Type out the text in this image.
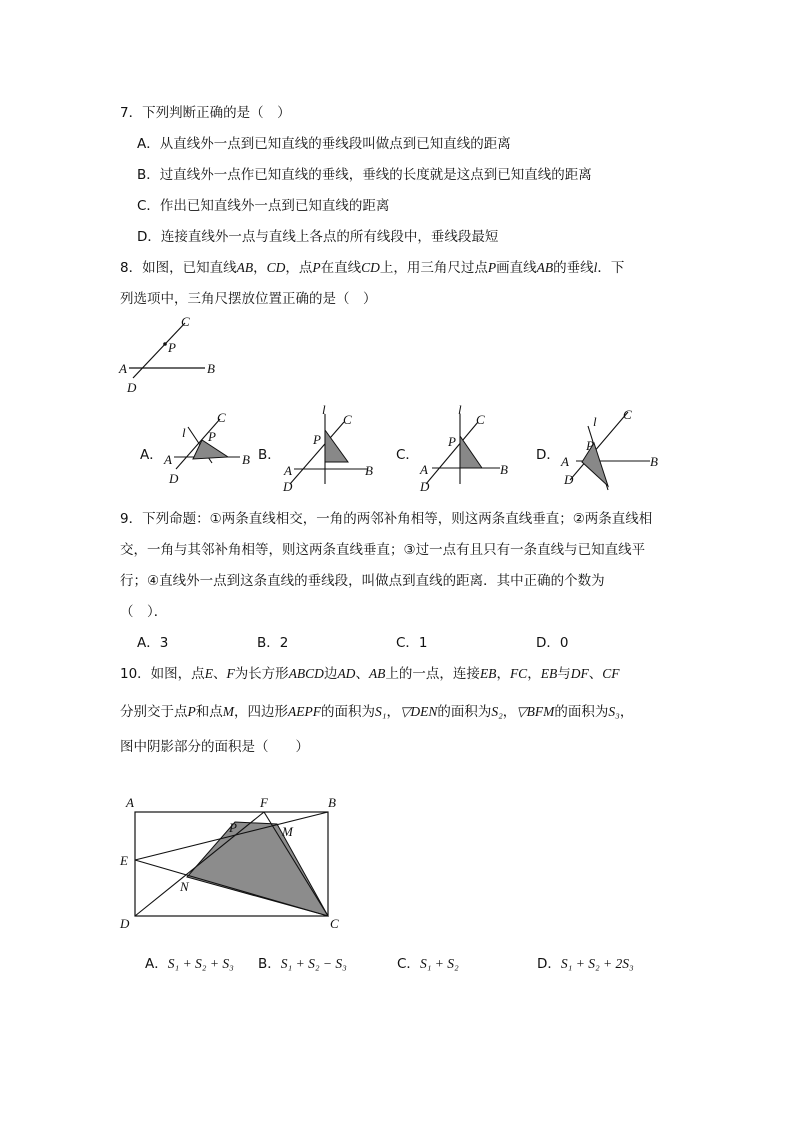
7．下列判断正确的是（　）
A．从直线外一点到已知直线的垂线段叫做点到已知直线的距离
B．过直线外一点作已知直线的垂线，垂线的长度就是这点到已知直线的距离
C．作出已知直线外一点到已知直线的距离
D．连接直线外一点与直线上各点的所有线段中，垂线段最短
8．如图，已知直线AB，CD，点P在直线CD上，用三角尺过点P画直线AB的垂线l．下
列选项中，三角尺摆放位置正确的是（　）
C
P
A	B
D
A．
C
P
l
A	B
D
B．
C
P
l
A	B
D
C．
C
P
l
A	B
D
D．
C
P
l
A	B
D
9．下列命题：①两条直线相交，一角的两邻补角相等，则这两条直线垂直；②两条直线相
交，一角与其邻补角相等，则这两条直线垂直；③过一点有且只有一条直线与已知直线平
行；④直线外一点到这条直线的垂线段，叫做点到直线的距离．其中正确的个数为
（　）．
A．3	B．2	C．1	D．0
10．如图，点E、F为长方形ABCD边AD、AB上的一点，连接EB，FC，EB与DF、CF
分别交于点P和点M，四边形AEPF的面积为S₁，▽DEN的面积为S₂，▽BFM的面积为S₃，
图中阴影部分的面积是（　　）
A	F	B
P	M
E
N
D	C
A．S₁ + S₂ + S₃ B．S₁ + S₂ − S₃	C．S₁ + S₂	D．S₁ + S₂ + 2S₃
